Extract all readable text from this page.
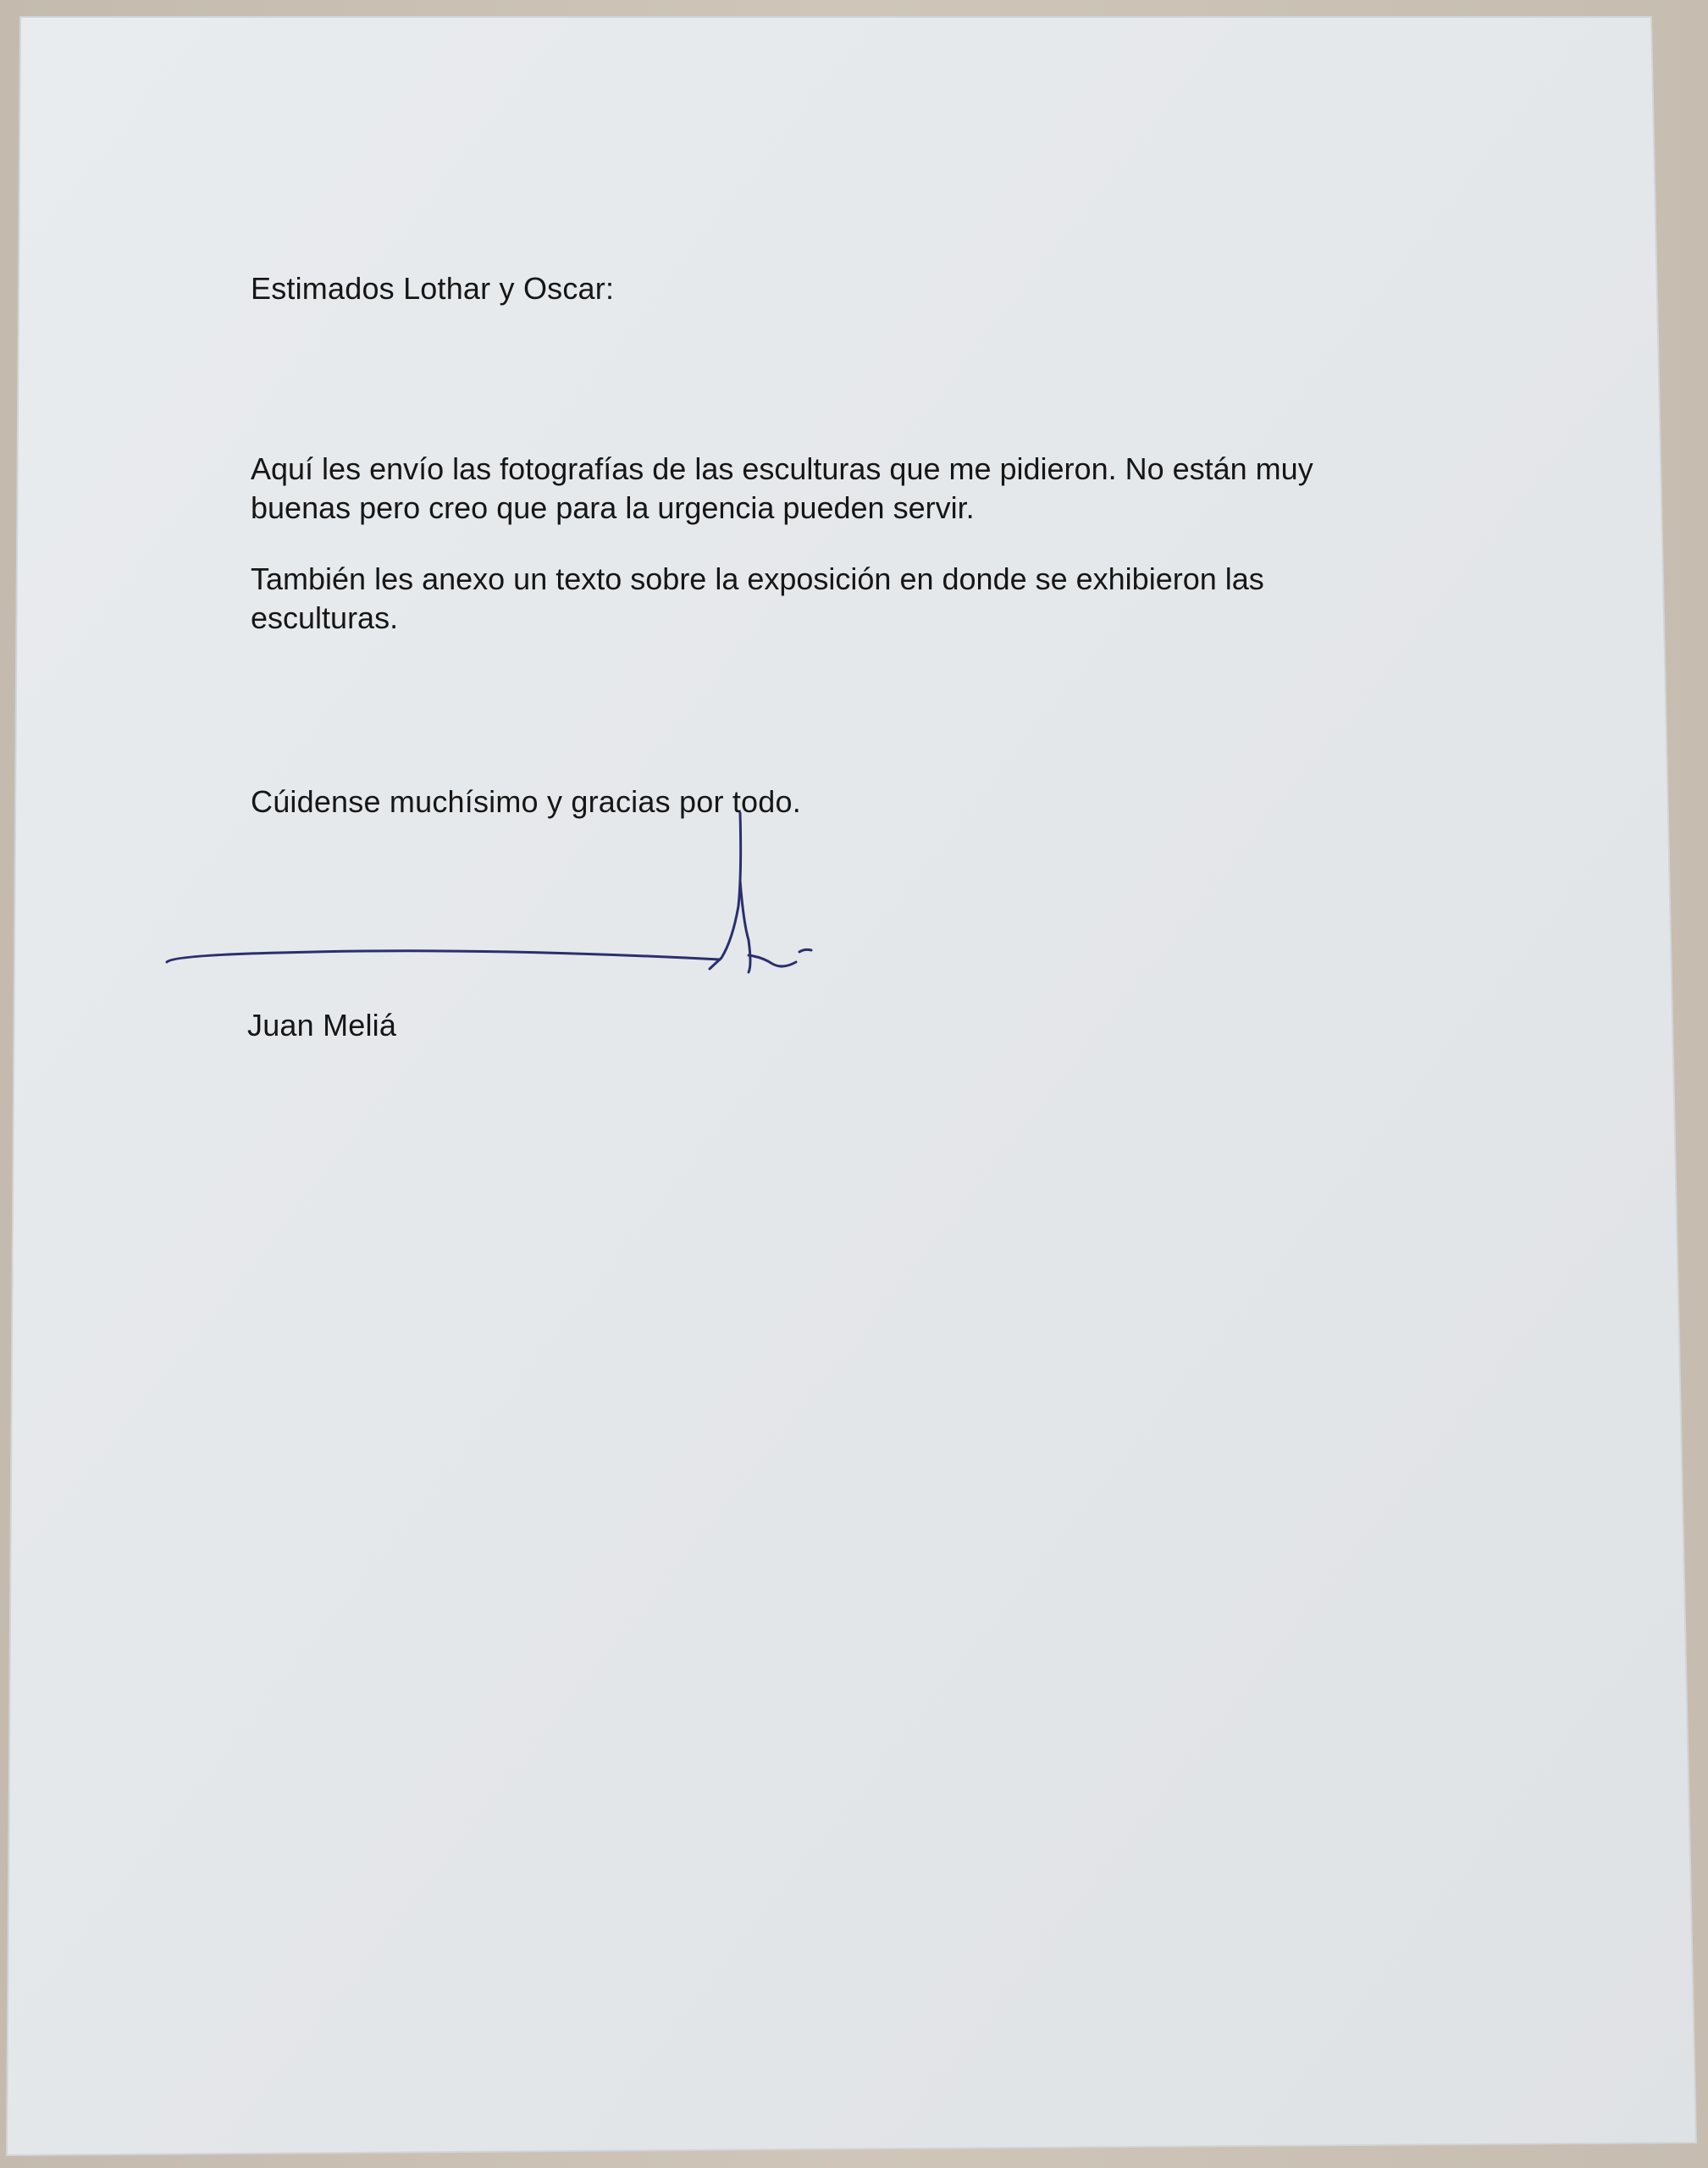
Estimados Lothar y Oscar:
Aquí les envío las fotografías de las esculturas que me pidieron. No están muy
buenas pero creo que para la urgencia pueden servir.
También les anexo un texto sobre la exposición en donde se exhibieron las
esculturas.
Cúidense muchísimo y gracias por todo.
Juan Meliá
